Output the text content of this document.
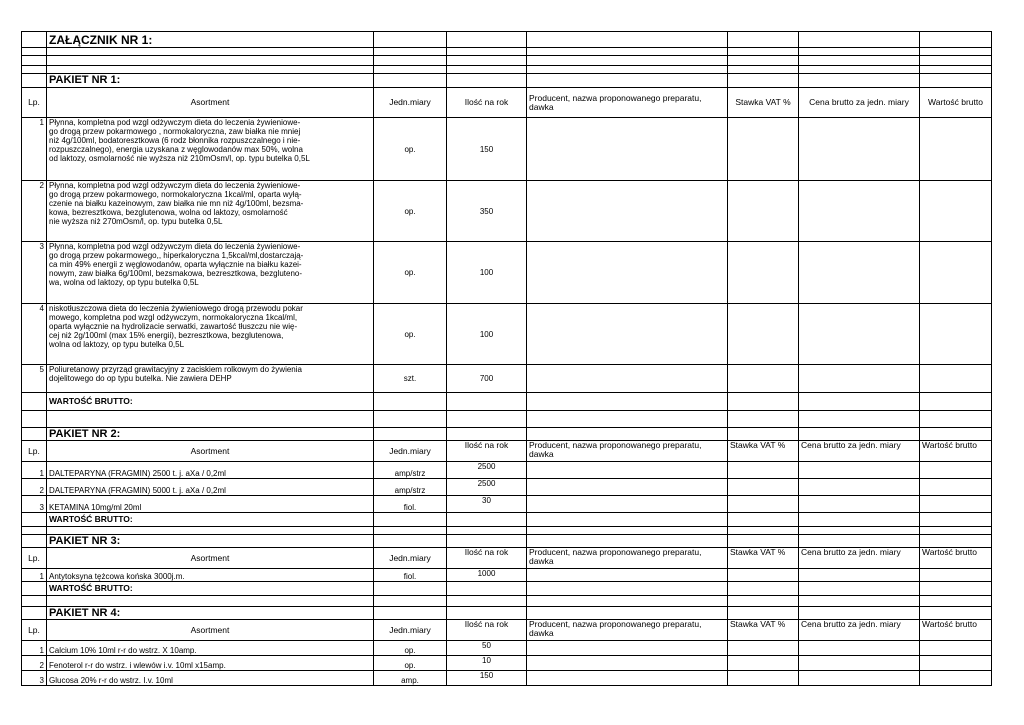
	ZAŁĄCZNIK NR 1:						

	PAKIET NR 1:						
Lp.	Asortment	Jedn.miary	Ilość na rok	Producent, nazwa proponowanego preparatu, dawka	Stawka VAT %	Cena brutto za jedn. miary	Wartość brutto
1	Płynna, kompletna pod wzgl odżywczym dieta do leczenia żywieniowe-
go drogą przew pokarmowego , normokaloryczna, zaw białka nie mniej
niż 4g/100ml, bodatoresztkowa (6 rodz błonnika rozpuszczalnego i nie-
rozpuszczalnego), energia uzyskana z węglowodanów max 50%, wolna
od laktozy, osmolarność nie wyższa niż 210mOsm/l, op. typu butelka 0,5L	op.	150				
2	Płynna, kompletna pod wzgl odżywczym dieta do leczenia żywieniowe-
go drogą przew pokarmowego, normokaloryczna 1kcal/ml, oparta wyłą-
czenie na białku kazeinowym, zaw białka nie mn niż 4g/100ml, bezsma-
kowa, bezresztkowa, bezglutenowa, wolna od laktozy, osmolarność
nie wyższa niż 270mOsm/l, op. typu butelka 0,5L	op.	350				
3	Płynna, kompletna pod wzgl odżywczym dieta do leczenia żywieniowe-
go drogą przew pokarmowego,, hiperkaloryczna 1,5kcal/ml,dostarczają-
ca min 49% energii z węglowodanów, oparta wyłącznie na białku kazei-
nowym, zaw białka 6g/100ml, bezsmakowa, bezresztkowa, bezgluteno-
wa, wolna od laktozy, op typu butelka 0,5L	op.	100				
4	niskotłuszczowa dieta do leczenia żywieniowego drogą przewodu pokar
mowego, kompletna pod wzgl odżywczym, normokaloryczna 1kcal/ml,
oparta wyłącznie na hydrolizacie serwatki, zawartość tłuszczu nie wię-
cej niż 2g/100ml (max 15% energii), bezresztkowa, bezglutenowa,
wolna od laktozy, op typu butelka 0,5L	op.	100				
5	Poliuretanowy przyrząd grawitacyjny z zaciskiem rolkowym do żywienia
dojelitowego do op typu butelka. Nie zawiera DEHP	szt.	700				
	WARTOŚĆ BRUTTO:						

	PAKIET NR 2:						
Lp.	Asortment	Jedn.miary	Ilość na rok	Producent, nazwa proponowanego preparatu, dawka	Stawka VAT %	Cena brutto za jedn. miary	Wartość brutto
1	DALTEPARYNA (FRAGMIN) 2500 t. j. aXa / 0,2ml	amp/strz	2500				
2	DALTEPARYNA (FRAGMIN) 5000 t. j. aXa / 0,2ml	amp/strz	2500				
3	KETAMINA 10mg/ml 20ml	fiol.	30				
	WARTOŚĆ BRUTTO:						

	PAKIET NR 3:						
Lp.	Asortment	Jedn.miary	Ilość na rok	Producent, nazwa proponowanego preparatu, dawka	Stawka VAT %	Cena brutto za jedn. miary	Wartość brutto
1	Antytoksyna tężcowa końska 3000j.m.	fiol.	1000				
	WARTOŚĆ BRUTTO:						

	PAKIET NR 4:						
Lp.	Asortment	Jedn.miary	Ilość na rok	Producent, nazwa proponowanego preparatu, dawka	Stawka VAT %	Cena brutto za jedn. miary	Wartość brutto
1	Calcium 10% 10ml r-r do wstrz. X 10amp.	op.	50				
2	Fenoterol r-r do wstrz. i wlewów i.v. 10ml x15amp.	op.	10				
3	Glucosa 20% r-r do wstrz. I.v. 10ml	amp.	150				
